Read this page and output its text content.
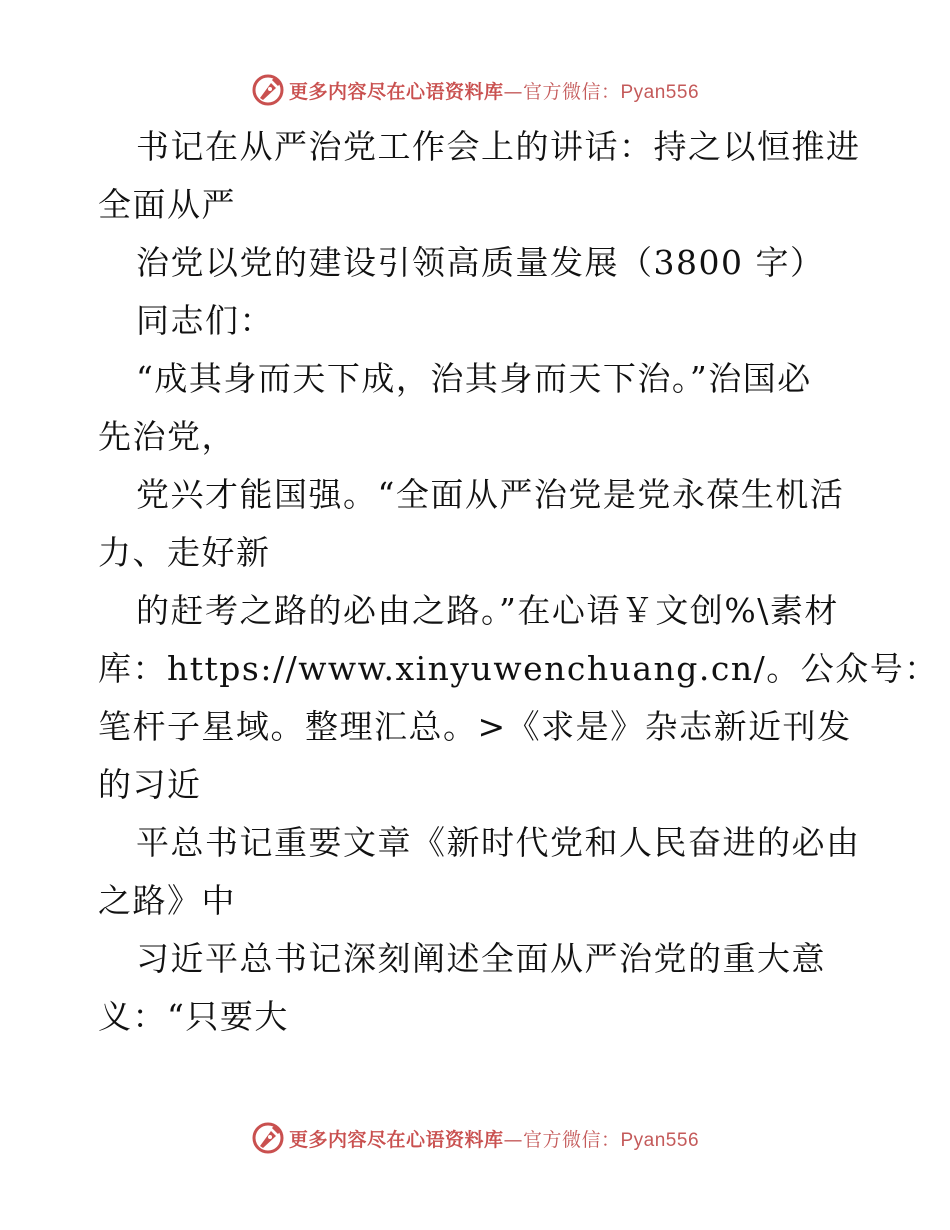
更多内容尽在心语资料库—官方微信：Pyan556
书记在从严治党工作会上的讲话：持之以恒推进
全面从严
治党以党的建设引领高质量发展（3800 字）
同志们：
“成其身而天下成，治其身而天下治。”治国必
先治党，
党兴才能国强。“全面从严治党是党永葆生机活
力、走好新
的赶考之路的必由之路。”在心语￥文创%\素材
库：https://www.xinyuwenchuang.cn/。公众号：
笔杆子星域。整理汇总。>《求是》杂志新近刊发
的习近
平总书记重要文章《新时代党和人民奋进的必由
之路》中
习近平总书记深刻阐述全面从严治党的重大意
义：“只要大
更多内容尽在心语资料库—官方微信：Pyan556
